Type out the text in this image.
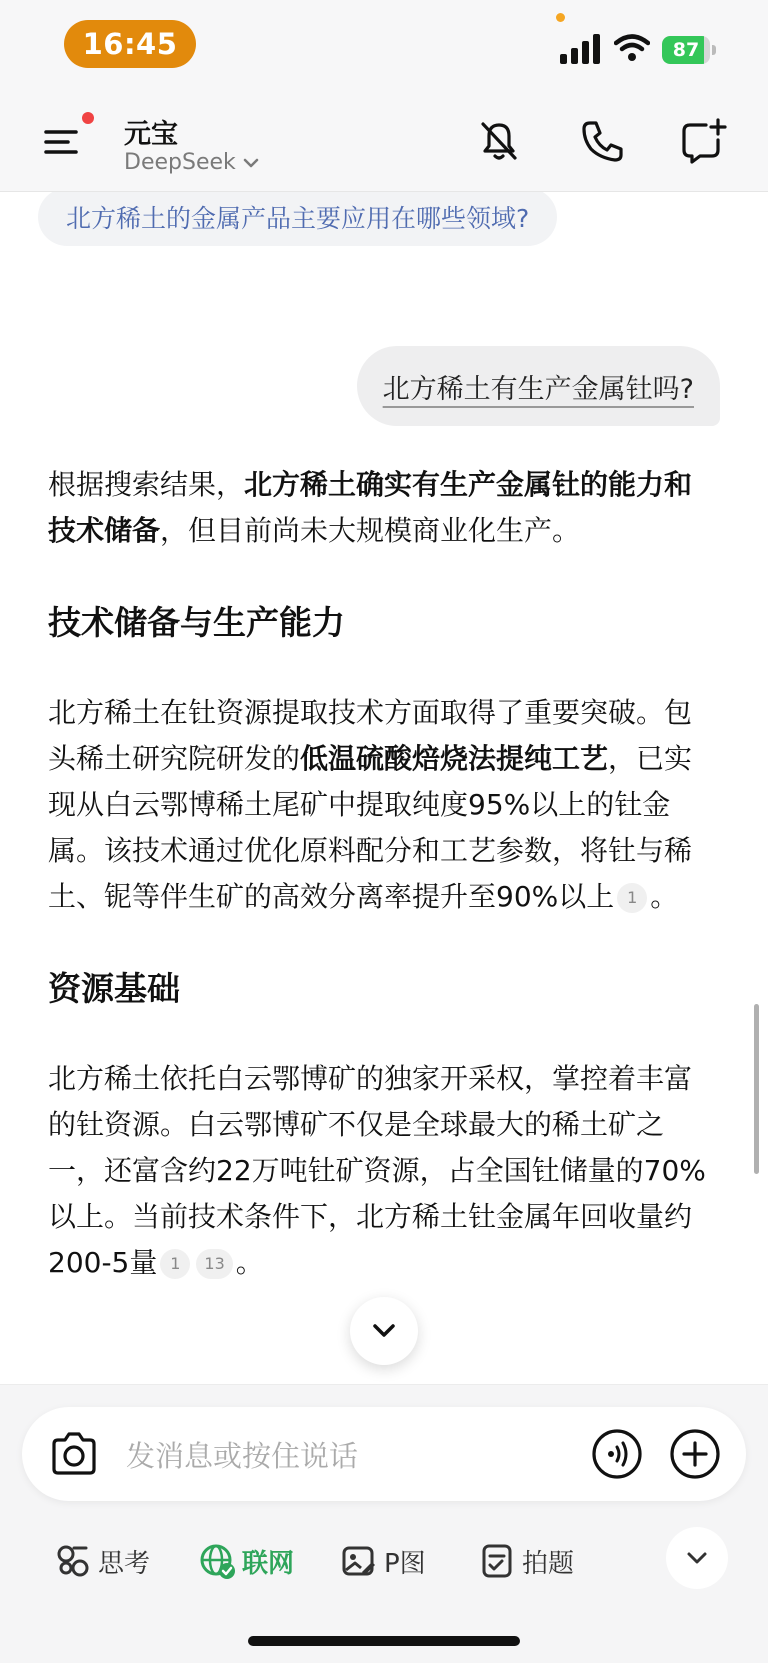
16:45	87
元宝
DeepSeek
北方稀土的金属产品主要应用在哪些领域?
北方稀土有生产金属钍吗?

根据搜索结果，北方稀土确实有生产金属钍的能力和技术储备，但目前尚未大规模商业化生产。

技术储备与生产能力

北方稀土在钍资源提取技术方面取得了重要突破。包头稀土研究院研发的低温硫酸焙烧法提纯工艺，已实现从白云鄂博稀土尾矿中提取纯度95%以上的钍金属。该技术通过优化原料配分和工艺参数，将钍与稀土、铌等伴生矿的高效分离率提升至90%以上 1 。

资源基础

北方稀土依托白云鄂博矿的独家开采权，掌控着丰富的钍资源。白云鄂博矿不仅是全球最大的稀土矿之一，还富含约22万吨钍矿资源，占全国钍储量的70%以上。当前技术条件下，北方稀土钍金属年回收量约200-5量 1 13 。

发消息或按住说话
思考	联网	P图	拍题
